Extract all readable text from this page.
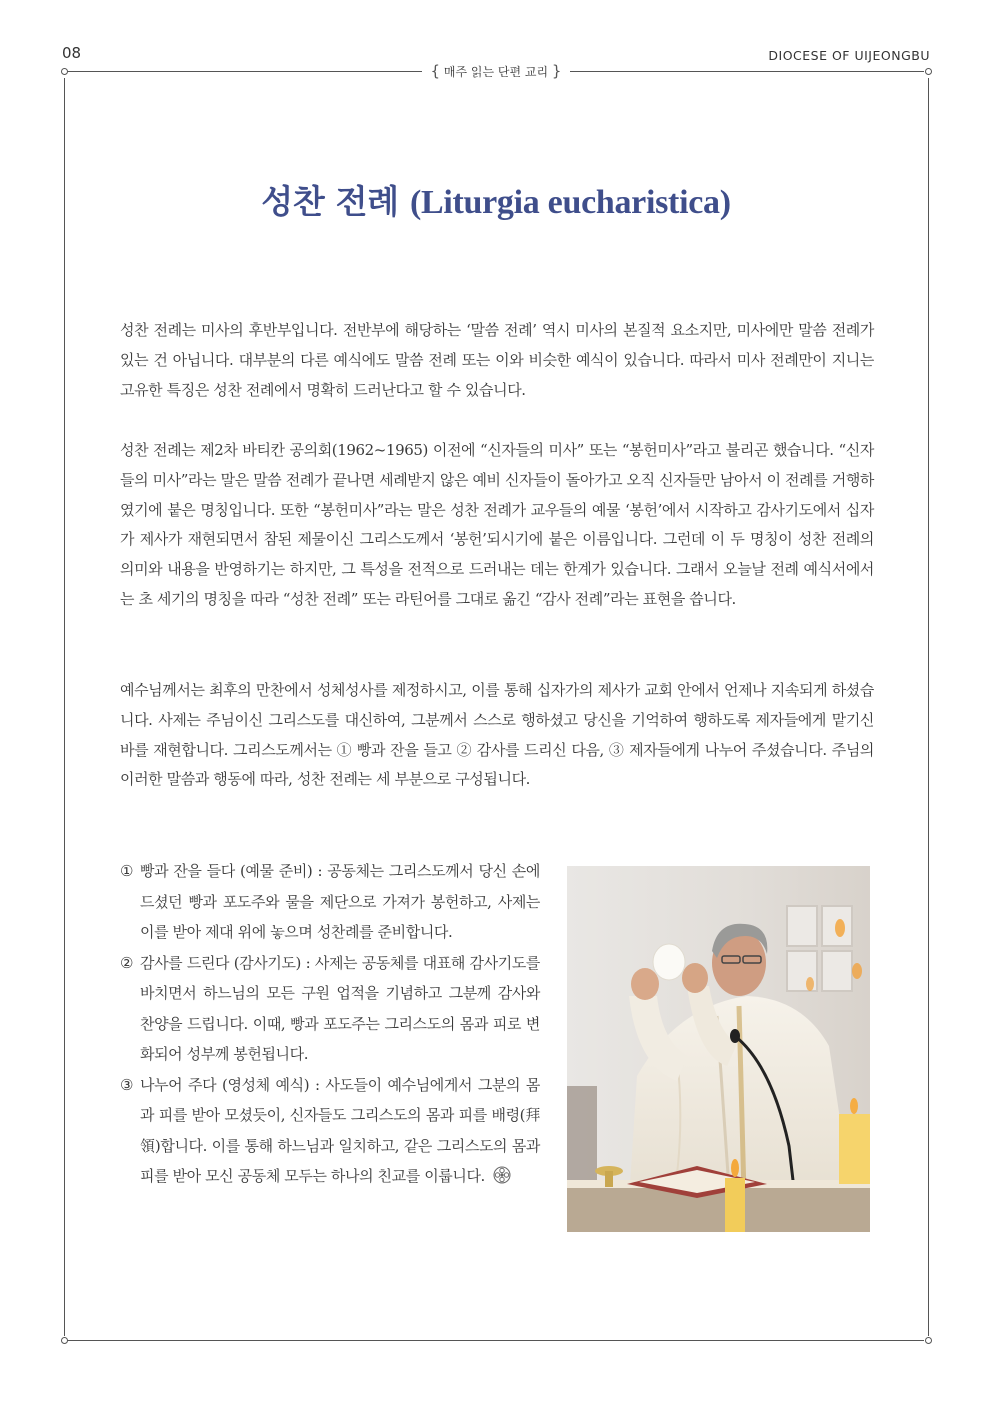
08	DIOCESE OF UIJEONGBU
{ 매주 읽는 단편 교리 }
성찬 전례 (Liturgia eucharistica)

성찬 전례는 미사의 후반부입니다. 전반부에 해당하는 ‘말씀 전례’ 역시 미사의 본질적 요소지만, 미사에만 말씀 전례가 있는 건 아닙니다. 대부분의 다른 예식에도 말씀 전례 또는 이와 비슷한 예식이 있습니다. 따라서 미사 전례만이 지니는 고유한 특징은 성찬 전례에서 명확히 드러난다고 할 수 있습니다.

성찬 전례는 제2차 바티칸 공의회(1962~1965) 이전에 “신자들의 미사” 또는 “봉헌미사”라고 불리곤 했습니다. “신자들의 미사”라는 말은 말씀 전례가 끝나면 세례받지 않은 예비 신자들이 돌아가고 오직 신자들만 남아서 이 전례를 거행하였기에 붙은 명칭입니다. 또한 “봉헌미사”라는 말은 성찬 전례가 교우들의 예물 ‘봉헌’에서 시작하고 감사기도에서 십자가 제사가 재현되면서 참된 제물이신 그리스도께서 ‘봉헌’되시기에 붙은 이름입니다. 그런데 이 두 명칭이 성찬 전례의 의미와 내용을 반영하기는 하지만, 그 특성을 전적으로 드러내는 데는 한계가 있습니다. 그래서 오늘날 전례 예식서에서는 초 세기의 명칭을 따라 “성찬 전례” 또는 라틴어를 그대로 옮긴 “감사 전례”라는 표현을 씁니다.

예수님께서는 최후의 만찬에서 성체성사를 제정하시고, 이를 통해 십자가의 제사가 교회 안에서 언제나 지속되게 하셨습니다. 사제는 주님이신 그리스도를 대신하여, 그분께서 스스로 행하셨고 당신을 기억하여 행하도록 제자들에게 맡기신 바를 재현합니다. 그리스도께서는 ① 빵과 잔을 들고 ② 감사를 드리신 다음, ③ 제자들에게 나누어 주셨습니다. 주님의 이러한 말씀과 행동에 따라, 성찬 전례는 세 부분으로 구성됩니다.

① 빵과 잔을 들다 (예물 준비) : 공동체는 그리스도께서 당신 손에 드셨던 빵과 포도주와 물을 제단으로 가져가 봉헌하고, 사제는 이를 받아 제대 위에 놓으며 성찬례를 준비합니다.
② 감사를 드린다 (감사기도) : 사제는 공동체를 대표해 감사기도를 바치면서 하느님의 모든 구원 업적을 기념하고 그분께 감사와 찬양을 드립니다. 이때, 빵과 포도주는 그리스도의 몸과 피로 변화되어 성부께 봉헌됩니다.
③ 나누어 주다 (영성체 예식) : 사도들이 예수님에게서 그분의 몸과 피를 받아 모셨듯이, 신자들도 그리스도의 몸과 피를 배령(拜領)합니다. 이를 통해 하느님과 일치하고, 같은 그리스도의 몸과 피를 받아 모신 공동체 모두는 하나의 친교를 이룹니다.
